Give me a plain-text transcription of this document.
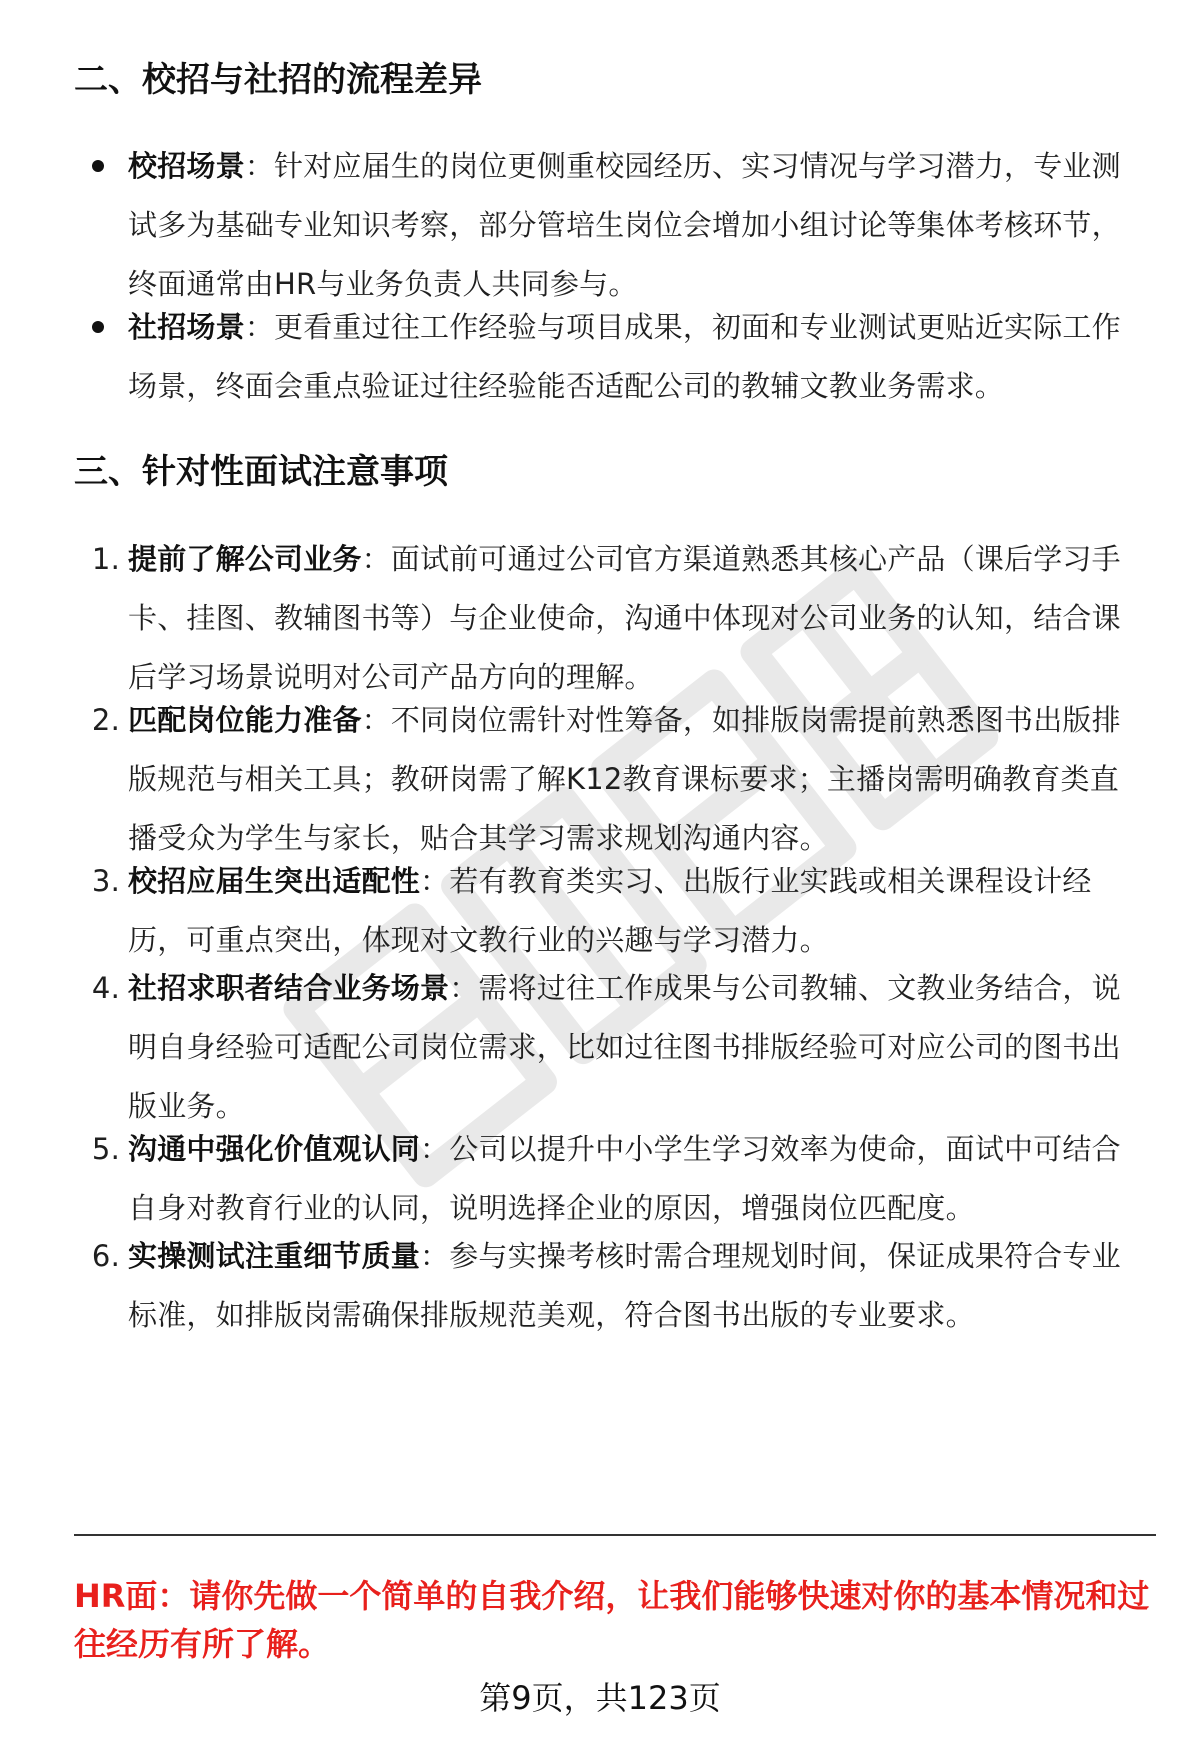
二、校招与社招的流程差异
校招场景：针对应届生的岗位更侧重校园经历、实习情况与学习潜力，专业测试多为基础专业知识考察，部分管培生岗位会增加小组讨论等集体考核环节，终面通常由HR与业务负责人共同参与。
社招场景：更看重过往工作经验与项目成果，初面和专业测试更贴近实际工作场景，终面会重点验证过往经验能否适配公司的教辅文教业务需求。
三、针对性面试注意事项
1. 提前了解公司业务：面试前可通过公司官方渠道熟悉其核心产品（课后学习手卡、挂图、教辅图书等）与企业使命，沟通中体现对公司业务的认知，结合课后学习场景说明对公司产品方向的理解。
2. 匹配岗位能力准备：不同岗位需针对性筹备，如排版岗需提前熟悉图书出版排版规范与相关工具；教研岗需了解K12教育课标要求；主播岗需明确教育类直播受众为学生与家长，贴合其学习需求规划沟通内容。
3. 校招应届生突出适配性：若有教育类实习、出版行业实践或相关课程设计经历，可重点突出，体现对文教行业的兴趣与学习潜力。
4. 社招求职者结合业务场景：需将过往工作成果与公司教辅、文教业务结合，说明自身经验可适配公司岗位需求，比如过往图书排版经验可对应公司的图书出版业务。
5. 沟通中强化价值观认同：公司以提升中小学生学习效率为使命，面试中可结合自身对教育行业的认同，说明选择企业的原因，增强岗位匹配度。
6. 实操测试注重细节质量：参与实操考核时需合理规划时间，保证成果符合专业标准，如排版岗需确保排版规范美观，符合图书出版的专业要求。
HR面：请你先做一个简单的自我介绍，让我们能够快速对你的基本情况和过往经历有所了解。
第9页，共123页
